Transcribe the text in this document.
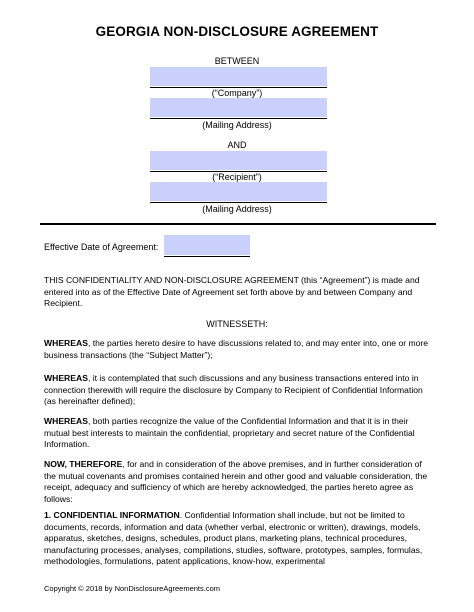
GEORGIA NON-DISCLOSURE AGREEMENT
BETWEEN
(“Company”)
(Mailing Address)
AND
(“Recipient”)
(Mailing Address)
Effective Date of Agreement:

THIS CONFIDENTIALITY AND NON-DISCLOSURE AGREEMENT (this “Agreement”) is made and entered into as of the Effective Date of Agreement set forth above by and between Company and Recipient.

WITNESSETH:

WHEREAS, the parties hereto desire to have discussions related to, and may enter into, one or more business transactions (the “Subject Matter”);

WHEREAS, it is contemplated that such discussions and any business transactions entered into in connection therewith will require the disclosure by Company to Recipient of Confidential Information (as hereinafter defined);

WHEREAS, both parties recognize the value of the Confidential Information and that it is in their mutual best interests to maintain the confidential, proprietary and secret nature of the Confidential Information.

NOW, THEREFORE, for and in consideration of the above premises, and in further consideration of the mutual covenants and promises contained herein and other good and valuable consideration, the receipt, adequacy and sufficiency of which are hereby acknowledged, the parties hereto agree as follows:

1. CONFIDENTIAL INFORMATION. Confidential Information shall include, but not be limited to documents, records, information and data (whether verbal, electronic or written), drawings, models, apparatus, sketches, designs, schedules, product plans, marketing plans, technical procedures, manufacturing processes, analyses, compilations, studies, software, prototypes, samples, formulas, methodologies, formulations, patent applications, know-how, experimental

Copyright © 2018 by NonDisclosureAgreements.com
